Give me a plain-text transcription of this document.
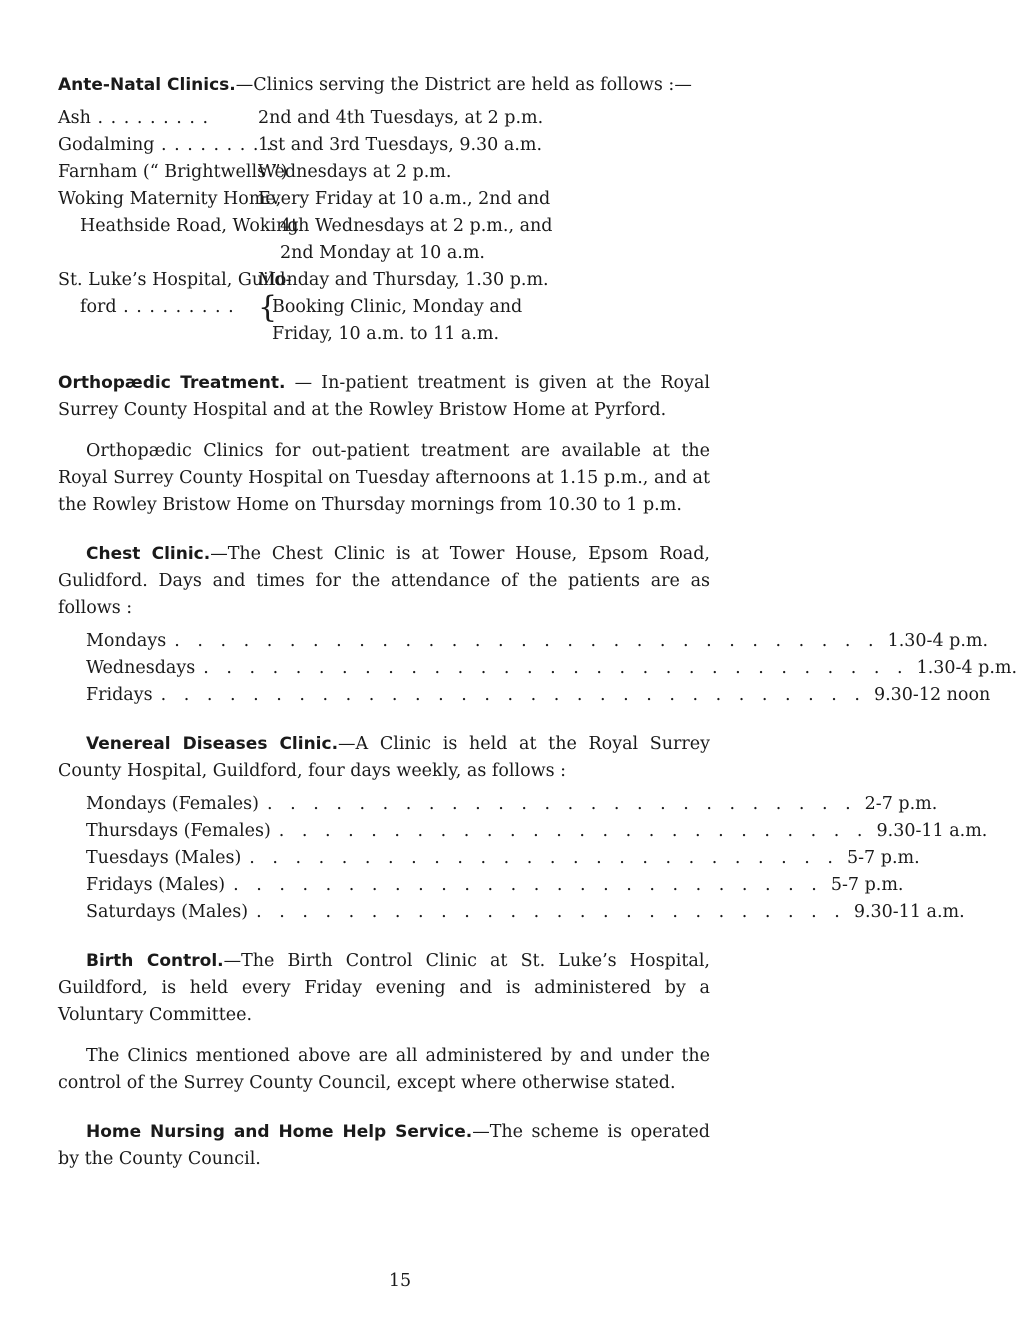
Ante-Natal Clinics.—Clinics serving the District are held as follows :—

Ash . . .	2nd and 4th Tuesdays, at 2 p.m.
Godalming . . .	1st and 3rd Tuesdays, 9.30 a.m.
Farnham (“ Brightwells ”)
Wednesdays at 2 p.m.
Woking Maternity Home,
Heathside Road, Woking
Every Friday at 10 a.m., 2nd and
4th Wednesdays at 2 p.m., and
2nd Monday at 10 a.m.
St. Luke’s Hospital, Guild-
ford . . .
Monday and Thursday, 1.30 p.m.
{
Booking Clinic, Monday and
Friday, 10 a.m. to 11 a.m.

Orthopædic Treatment. — In-patient treatment is given at the Royal Surrey County Hospital and at the Rowley Bristow Home at Pyrford.

Orthopædic Clinics for out-patient treatment are available at the Royal Surrey County Hospital on Tuesday afternoons at 1.15 p.m., and at the Rowley Bristow Home on Thursday mornings from 10.30 to 1 p.m.

Chest Clinic.—The Chest Clinic is at Tower House, Epsom Road, Gulidford. Days and times for the attendance of the patients are as follows :

Mondays . . . . . . . . . . . . . . . . . . . . . . . . . . . . . . . 1.30-4 p.m.
Wednesdays . . . . . . . . . . . . . . . . . . . . . . . . . . . . . . . 1.30-4 p.m.
Fridays . . . . . . . . . . . . . . . . . . . . . . . . . . . . . . . 9.30-12 noon

Venereal Diseases Clinic.—A Clinic is held at the Royal Surrey County Hospital, Guildford, four days weekly, as follows :

Mondays (Females) . . . . . . . . . . . . . . . . . . . . . . . . . . 2-7 p.m.
Thursdays (Females) . . . . . . . . . . . . . . . . . . . . . . . . . . 9.30-11 a.m.
Tuesdays (Males) . . . . . . . . . . . . . . . . . . . . . . . . . . 5-7 p.m.
Fridays (Males) . . . . . . . . . . . . . . . . . . . . . . . . . . 5-7 p.m.
Saturdays (Males) . . . . . . . . . . . . . . . . . . . . . . . . . . 9.30-11 a.m.

Birth Control.—The Birth Control Clinic at St. Luke’s Hospital, Guildford, is held every Friday evening and is administered by a Voluntary Committee.

The Clinics mentioned above are all administered by and under the control of the Surrey County Council, except where otherwise stated.

Home Nursing and Home Help Service.—The scheme is operated by the County Council.

15
